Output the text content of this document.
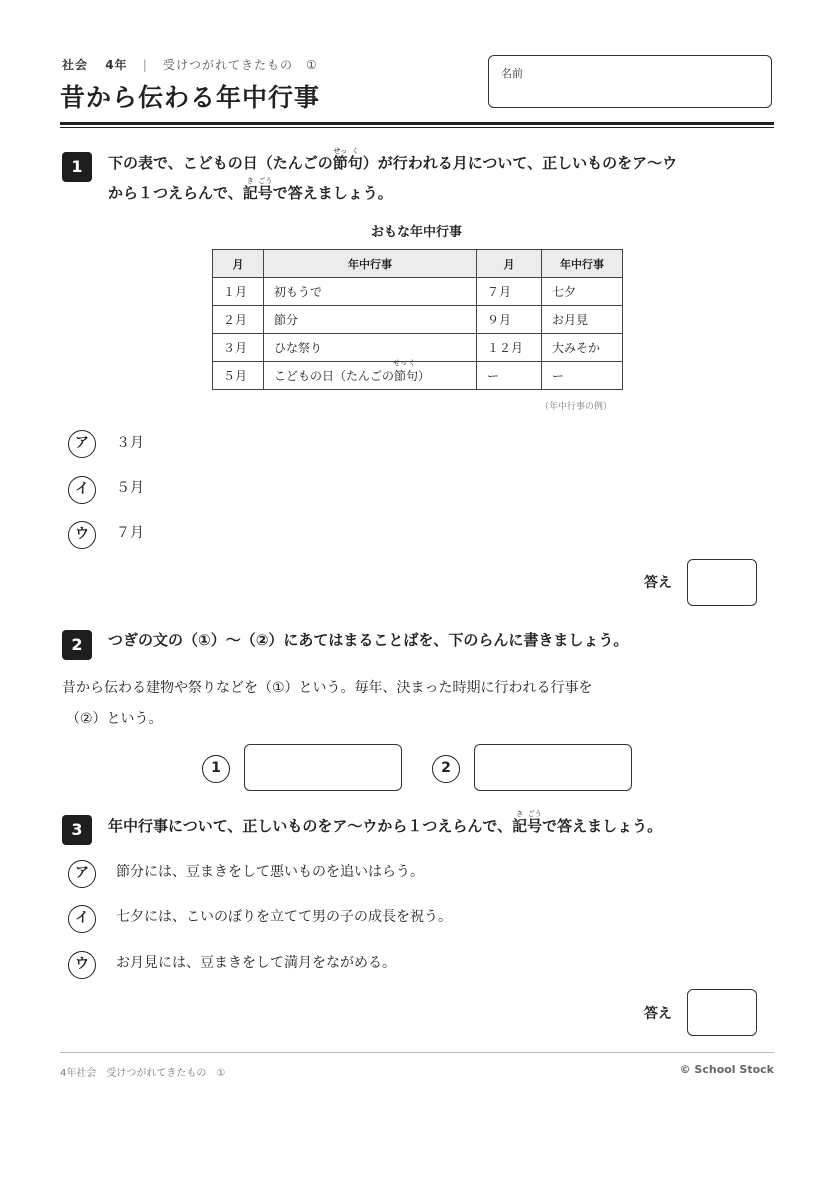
社会 4年 | 受けつがれてきたもの　①
昔から伝わる年中行事
名前
1	下の表で、こどもの日（たんごの節
せっ
句
く
）が行われる月について、正しいものをア～ウ
から１つえらんで、記
き
号
ごう
で答えましょう。
おもな年中行事
月	年中行事	月	年中行事
１月	初もうで	７月	七夕
２月	節分	９月	お月見
３月	ひな祭り	１２月	大みそか
５月	こどもの日（たんごの節
せっ
句
く
）	ー	ー
（年中行事の例）
ア	３月
イ	５月
ウ	７月
答え
2	つぎの文の（①）～（②）にあてはまることばを、下のらんに書きましょう。
昔から伝わる建物や祭りなどを（①）という。毎年、決まった時期に行われる行事を
（②）という。
1	2
3	年中行事について、正しいものをア～ウから１つえらんで、記
き
号
ごう
で答えましょう。
ア	節分には、豆まきをして悪いものを追いはらう。
イ	七夕には、こいのぼりを立てて男の子の成長を祝う。
ウ	お月見には、豆まきをして満月をながめる。
答え
4年社会　受けつがれてきたもの　①	© School Stock
